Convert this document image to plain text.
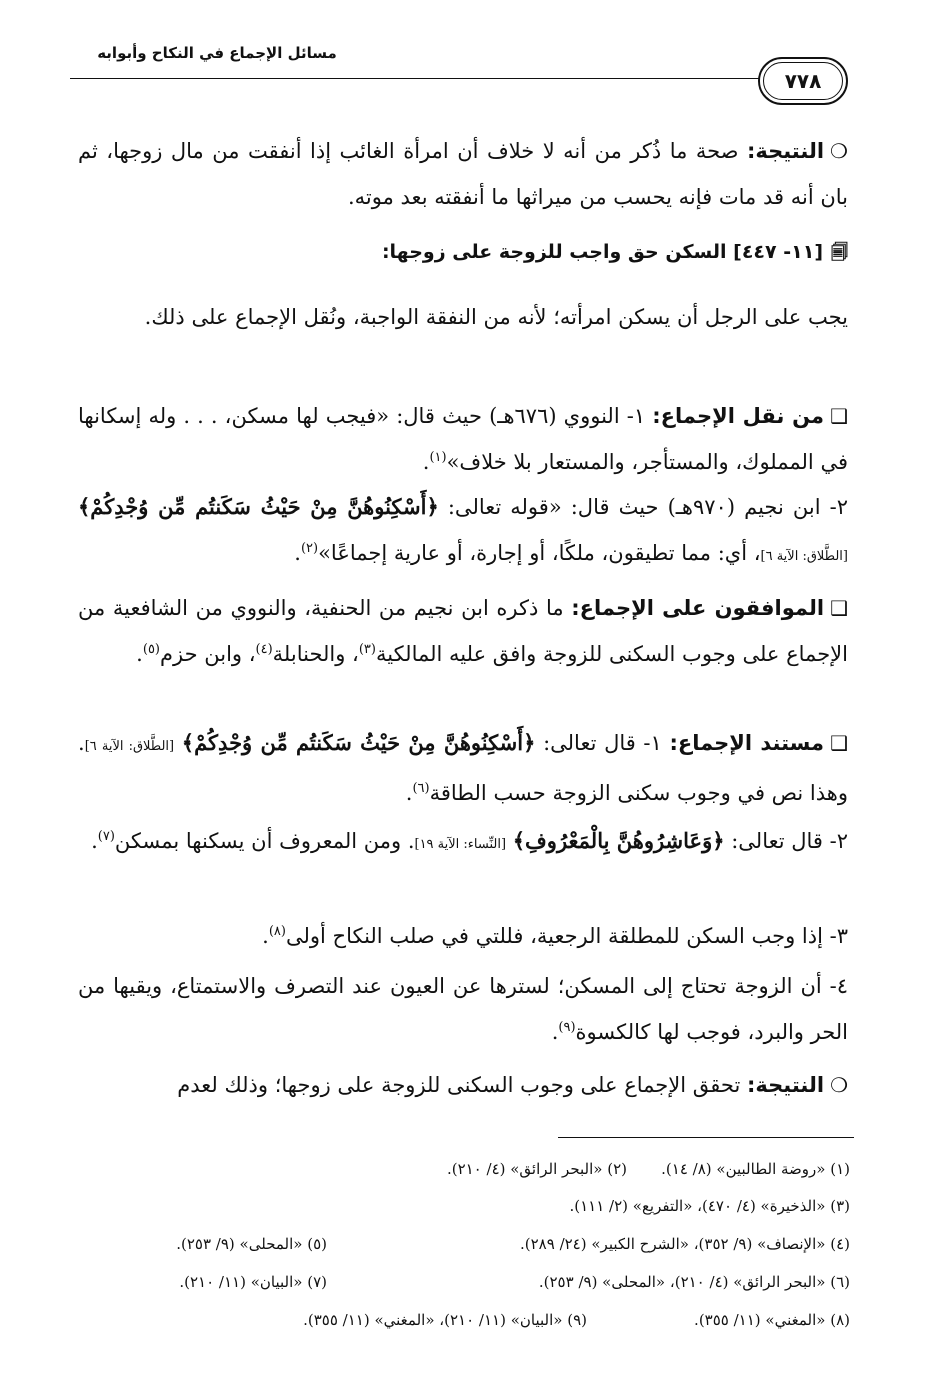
مسائل الإجماع في النكاح وأبوابه
٧٧٨
❍النتيجة: صحة ما ذُكر من أنه لا خلاف أن امرأة الغائب إذا أنفقت من مال زوجها، ثم بان أنه قد مات فإنه يحسب من ميراثها ما أنفقته بعد موته.
🗐[١١- ٤٤٧] السكن حق واجب للزوجة على زوجها:
يجب على الرجل أن يسكن امرأته؛ لأنه من النفقة الواجبة، ونُقل الإجماع على ذلك.
❑من نقل الإجماع: ١- النووي (٦٧٦هـ) حيث قال: «فيجب لها مسكن، . . . وله إسكانها في المملوك، والمستأجر، والمستعار بلا خلاف»$^{(١)}$.
٢- ابن نجيم (٩٧٠هـ) حيث قال: «قوله تعالى: ﴿أَسْكِنُوهُنَّ مِنْ حَيْثُ سَكَنتُم مِّن وُجْدِكُمْ﴾ [الطَّلاق: الآية ٦]، أي: مما تطيقون، ملكًا، أو إجارة، أو عارية إجماعًا»$^{(٢)}$.
❑الموافقون على الإجماع: ما ذكره ابن نجيم من الحنفية، والنووي من الشافعية من الإجماع على وجوب السكنى للزوجة وافق عليه المالكية$^{(٣)}$، والحنابلة$^{(٤)}$، وابن حزم$^{(٥)}$.
❑مستند الإجماع: ١- قال تعالى: ﴿أَسْكِنُوهُنَّ مِنْ حَيْثُ سَكَنتُم مِّن وُجْدِكُمْ﴾ [الطَّلاق: الآية ٦]. وهذا نص في وجوب سكنى الزوجة حسب الطاقة$^{(٦)}$.
٢- قال تعالى: ﴿وَعَاشِرُوهُنَّ بِالْمَعْرُوفِ﴾ [النِّساء: الآية ١٩]. ومن المعروف أن يسكنها بمسكن$^{(٧)}$.
٣- إذا وجب السكن للمطلقة الرجعية، فللتي في صلب النكاح أولى$^{(٨)}$.
٤- أن الزوجة تحتاج إلى المسكن؛ لسترها عن العيون عند التصرف والاستمتاع، ويقيها من الحر والبرد، فوجب لها كالكسوة$^{(٩)}$.
❍النتيجة: تحقق الإجماع على وجوب السكنى للزوجة على زوجها؛ وذلك لعدم
(١) «روضة الطالبين» (٨/ ١٤).
(٢) «البحر الرائق» (٤/ ٢١٠).
(٣) «الذخيرة» (٤/ ٤٧٠)، «التفريع» (٢/ ١١١).
(٤) «الإنصاف» (٩/ ٣٥٢)، «الشرح الكبير» (٢٤/ ٢٨٩).
(٥) «المحلى» (٩/ ٢٥٣).
(٦) «البحر الرائق» (٤/ ٢١٠)، «المحلى» (٩/ ٢٥٣).
(٧) «البيان» (١١/ ٢١٠).
(٨) «المغني» (١١/ ٣٥٥).
(٩) «البيان» (١١/ ٢١٠)، «المغني» (١١/ ٣٥٥).
